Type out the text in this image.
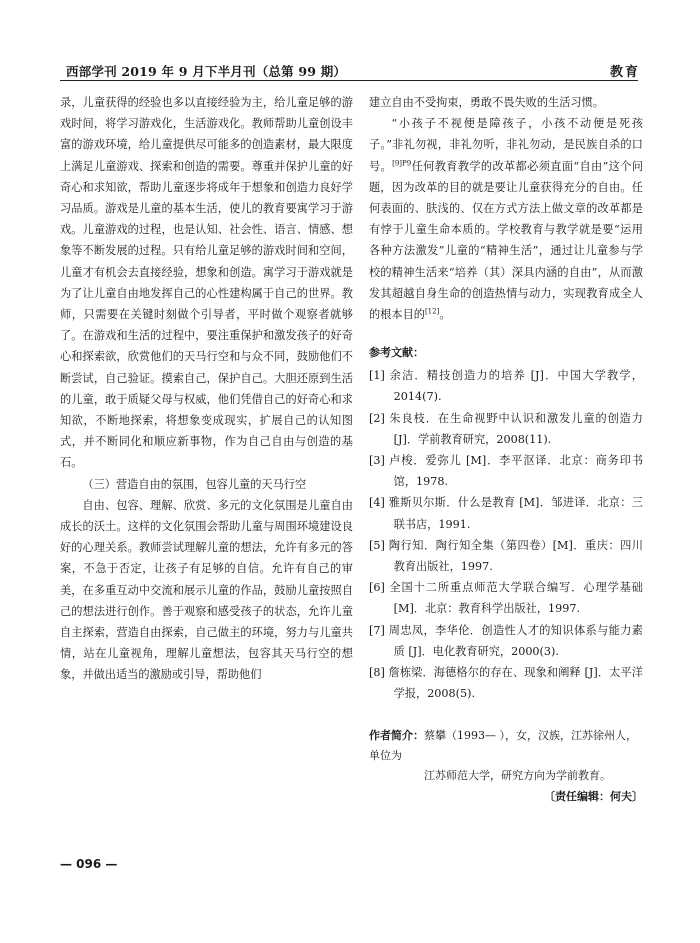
西部学刊 2019 年 9 月下半月刊（总第 99 期）	教育

录，儿童获得的经验也多以直接经验为主，给儿童足够的游戏时间，将学习游戏化，生活游戏化。教师帮助儿童创设丰富的游戏环境，给儿童提供尽可能多的创造素材，最大限度上满足儿童游戏、探索和创造的需要。尊重并保护儿童的好奇心和求知欲，帮助儿童逐步将成年于想象和创造力良好学习品质。游戏是儿童的基本生活，使儿的教育要寓学习于游戏。儿童游戏的过程，也是认知、社会性、语言、情感、想象等不断发展的过程。只有给儿童足够的游戏时间和空间，儿童才有机会去直接经验，想象和创造。寓学习于游戏就是为了让儿童自由地发挥自己的心性建构属于自己的世界。教师，只需要在关键时刻做个引导者，平时做个观察者就够了。在游戏和生活的过程中，要注重保护和激发孩子的好奇心和探索欲，欣赏他们的天马行空和与众不同，鼓励他们不断尝试，自己验证。摸索自己，保护自己。大胆还原到生活的儿童，敢于质疑父母与权威，他们凭借自己的好奇心和求知欲，不断地探索，将想象变成现实，扩展自己的认知图式，并不断同化和顺应新事物，作为自己自由与创造的基石。

（三）营造自由的氛围，包容儿童的天马行空

自由、包容、理解、欣赏、多元的文化氛围是儿童自由成长的沃土。这样的文化氛围会帮助儿童与周围环境建设良好的心理关系。教师尝试理解儿童的想法，允许有多元的答案，不急于否定，让孩子有足够的自信。允许有自己的审美，在多重互动中交流和展示儿童的作品，鼓励儿童按照自己的想法进行创作。善于观察和感受孩子的状态，允许儿童自主探索，营造自由探索，自己做主的环境，努力与儿童共情，站在儿童视角，理解儿童想法，包容其天马行空的想象，并做出适当的激励或引导，帮助他们

建立自由不受拘束，勇敢不畏失败的生活习惯。

“小孩子不视便是障孩子，小孩不动便是死孩子。”非礼勿视，非礼勿听，非礼勿动，是民族自杀的口号。$^{[9]P9}$任何教育教学的改革都必须直面“自由”这个问题，因为改革的目的就是要让儿童获得充分的自由。任何表面的、肤浅的、仅在方式方法上做文章的改革都是有悖于儿童生命本质的。学校教育与教学就是要“运用各种方法激发”儿童的“精神生活”，通过让儿童参与学校的精神生活来“培养（其）深具内涵的自由”，从而激发其超越自身生命的创造热情与动力，实现教育成全人的根本目的[12]。

参考文献：

[1] 余洁．精技创造力的培养 [J]．中国大学教学，2014(7).

[2] 朱良枝．在生命视野中认识和激发儿童的创造力 [J]．学前教育研究，2008(11).

[3] 卢梭．爱弥儿 [M]．李平沤译．北京：商务印书馆，1978.

[4] 雅斯贝尔斯．什么是教育 [M]．邹进译．北京：三联书店，1991.

[5] 陶行知．陶行知全集（第四卷）[M]．重庆：四川教育出版社，1997.

[6] 全国十二所重点师范大学联合编写．心理学基础 [M]．北京：教育科学出版社，1997.

[7] 周忠凤，李华伦．创造性人才的知识体系与能力素质 [J]．电化教育研究，2000(3).

[8] 詹栋梁．海德格尔的存在、现象和阐释 [J]．太平洋学报，2008(5).

作者简介：蔡攀（1993— ），女，汉族，江苏徐州人，单位为
江苏师范大学，研究方向为学前教育。
〔责任编辑：何夫〕
— 096 —
